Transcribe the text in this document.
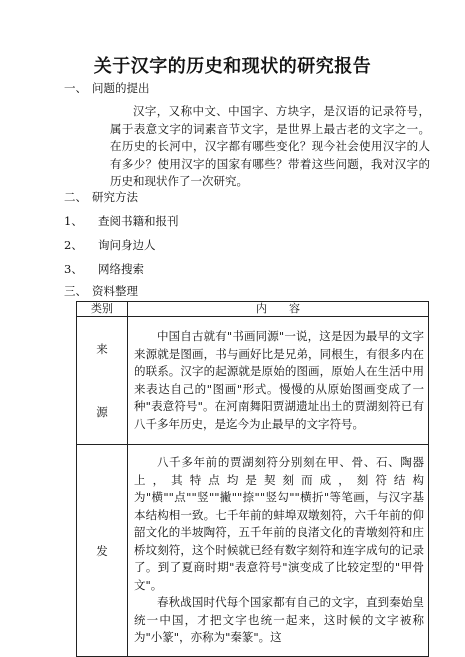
关于汉字的历史和现状的研究报告
一、 问题的提出

汉字，又称中文、中国字、方块字，是汉语的记录符号，属于表意文字的词素音节文字，是世界上最古老的文字之一。在历史的长河中，汉字都有哪些变化？现今社会使用汉字的人有多少？使用汉字的国家有哪些？带着这些问题，我对汉字的历史和现状作了一次研究。

二、 研究方法
1、 查阅书籍和报刊
2、 询问身边人
3、 网络搜索
三、 资料整理
类别	内　　容

来
源	中国自古就有"书画同源"一说，这是因为最早的文字来源就是图画，书与画好比是兄弟，同根生，有很多内在的联系。汉字的起源就是原始的图画，原始人在生活中用来表达自己的"图画"形式。慢慢的从原始图画变成了一种"表意符号"。在河南舞阳贾湖遗址出土的贾湖刻符已有八千多年历史，是迄今为止最早的文字符号。

发	八千多年前的贾湖刻符分别刻在甲、骨、石、陶器上，其特点均是契刻而成，刻符结构为"横""点""竖""撇""捺""竖勾""横折"等笔画，与汉字基本结构相一致。七千年前的蚌埠双墩刻符，六千年前的仰韶文化的半坡陶符，五千年前的良渚文化的青墩刻符和庄桥坟刻符，这个时候就已经有数字刻符和连字成句的记录了。到了夏商时期"表意符号"演变成了比较定型的"甲骨文"。

春秋战国时代每个国家都有自己的文字，直到秦始皇统一中国，才把文字也统一起来，这时候的文字被称为"小篆"，亦称为"秦篆"。这
